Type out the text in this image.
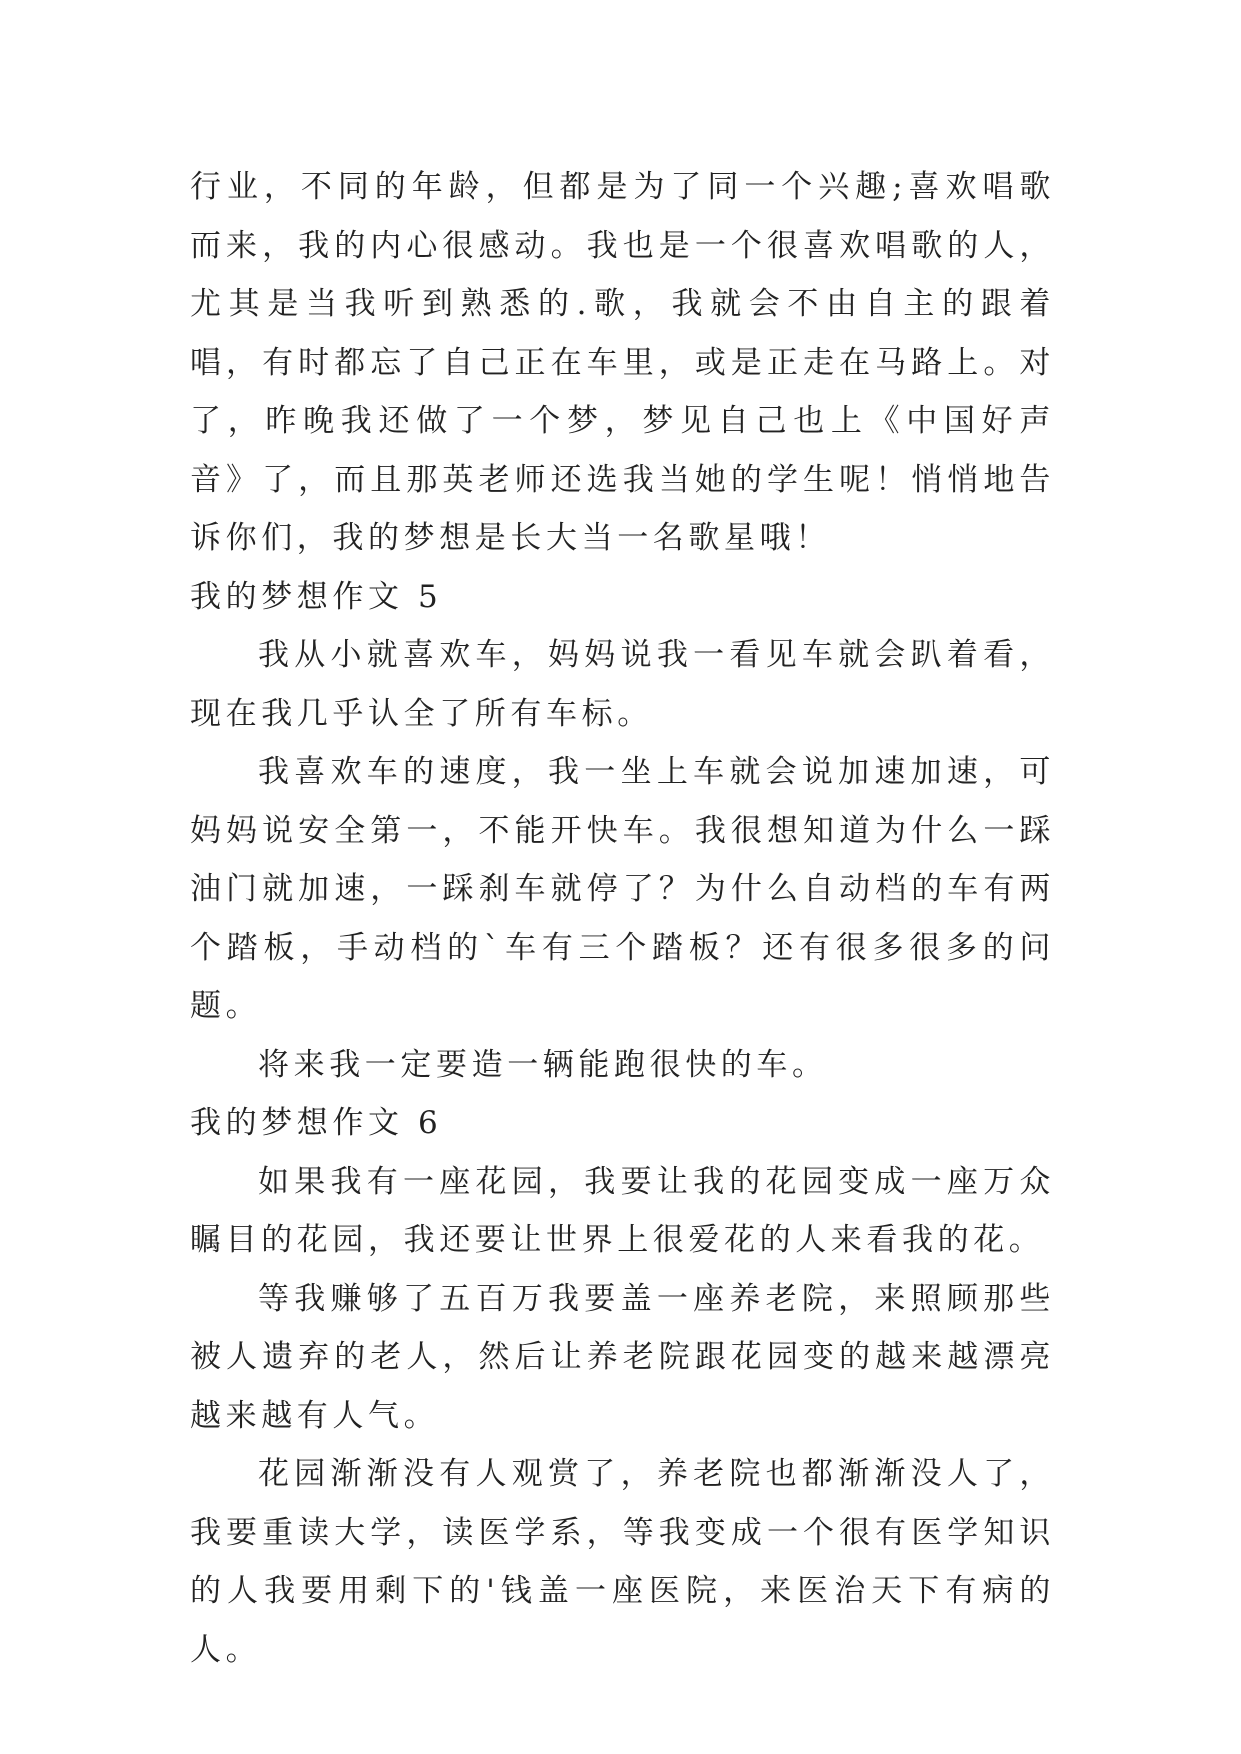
行业，不同的年龄，但都是为了同一个兴趣;喜欢唱歌而来，我的内心很感动。我也是一个很喜欢唱歌的人，尤其是当我听到熟悉的.歌，我就会不由自主的跟着唱，有时都忘了自己正在车里，或是正走在马路上。对了，昨晚我还做了一个梦，梦见自己也上《中国好声音》了，而且那英老师还选我当她的学生呢！悄悄地告诉你们，我的梦想是长大当一名歌星哦！

我的梦想作文 5

我从小就喜欢车，妈妈说我一看见车就会趴着看，现在我几乎认全了所有车标。

我喜欢车的速度，我一坐上车就会说加速加速，可妈妈说安全第一，不能开快车。我很想知道为什么一踩油门就加速，一踩刹车就停了？为什么自动档的车有两个踏板，手动档的`车有三个踏板？还有很多很多的问题。

将来我一定要造一辆能跑很快的车。

我的梦想作文 6

如果我有一座花园，我要让我的花园变成一座万众瞩目的花园，我还要让世界上很爱花的人来看我的花。

等我赚够了五百万我要盖一座养老院，来照顾那些被人遗弃的老人，然后让养老院跟花园变的越来越漂亮越来越有人气。

花园渐渐没有人观赏了，养老院也都渐渐没人了，我要重读大学，读医学系，等我变成一个很有医学知识的人我要用剩下的'钱盖一座医院，来医治天下有病的人。
